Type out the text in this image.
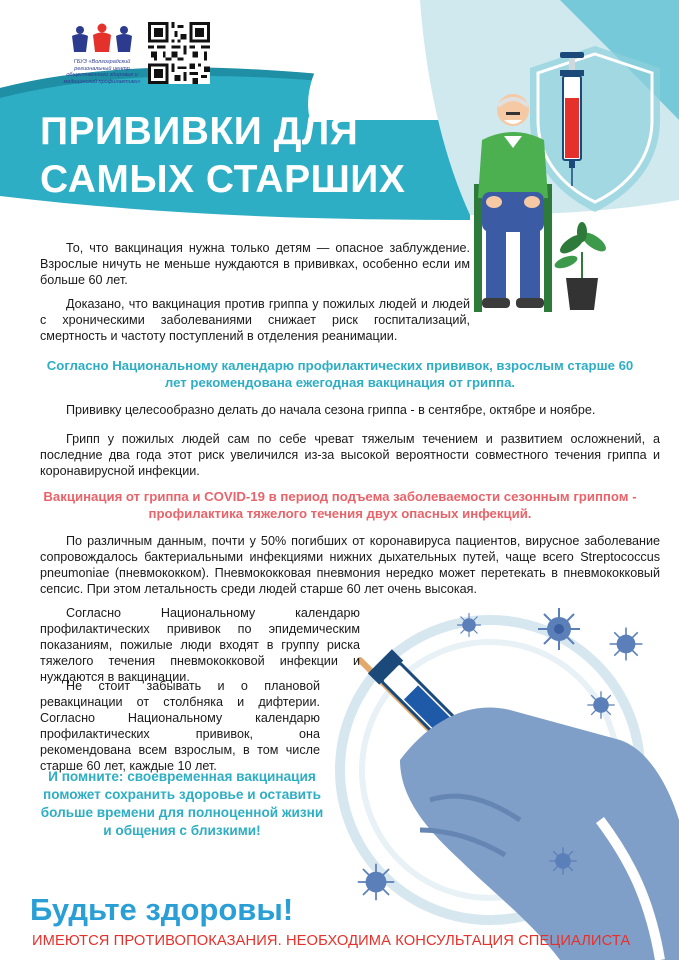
ГБУЗ «Волгоградский региональный центр общественного здоровья и медицинской профилактики»
ПРИВИВКИ ДЛЯ
САМЫХ СТАРШИХ

То, что вакцинация нужна только детям — опасное заблуждение. Взрослые ничуть не меньше нуждаются в прививках, особенно если им больше 60 лет.

Доказано, что вакцинация против гриппа у пожилых людей и людей с хроническими заболеваниями снижает риск госпитализаций, смертность и частоту поступлений в отделения реанимации.

Согласно Национальному календарю профилактических прививок, взрослым старше 60 лет рекомендована ежегодная вакцинация от гриппа.

Прививку целесообразно делать до начала сезона гриппа - в сентябре, октябре и ноябре.

Грипп у пожилых людей сам по себе чреват тяжелым течением и развитием осложнений, а последние два года этот риск увеличился из-за высокой вероятности совместного течения гриппа и коронавирусной инфекции.

Вакцинация от гриппа и COVID-19 в период подъема заболеваемости сезонным гриппом - профилактика тяжелого течения двух опасных инфекций.

По различным данным, почти у 50% погибших от коронавируса пациентов, вирусное заболевание сопровождалось бактериальными инфекциями нижних дыхательных путей, чаще всего Streptococcus pneumoniae (пневмококком). Пневмококковая пневмония нередко может перетекать в пневмококковый сепсис. При этом летальность среди людей старше 60 лет очень высокая.

Согласно Национальному календарю профилактических прививок по эпидемическим показаниям, пожилые люди входят в группу риска тяжелого течения пневмококковой инфекции и нуждаются в вакцинации.

Не стоит забывать и о плановой ревакцинации от столбняка и дифтерии. Согласно Национальному календарю профилактических прививок, она рекомендована всем взрослым, в том числе старше 60 лет, каждые 10 лет.

И помните: своевременная вакцинация поможет сохранить здоровье и оставить больше времени для полноценной жизни и общения с близкими!
Будьте здоровы!
ИМЕЮТСЯ ПРОТИВОПОКАЗАНИЯ. НЕОБХОДИМА КОНСУЛЬТАЦИЯ СПЕЦИАЛИСТА
